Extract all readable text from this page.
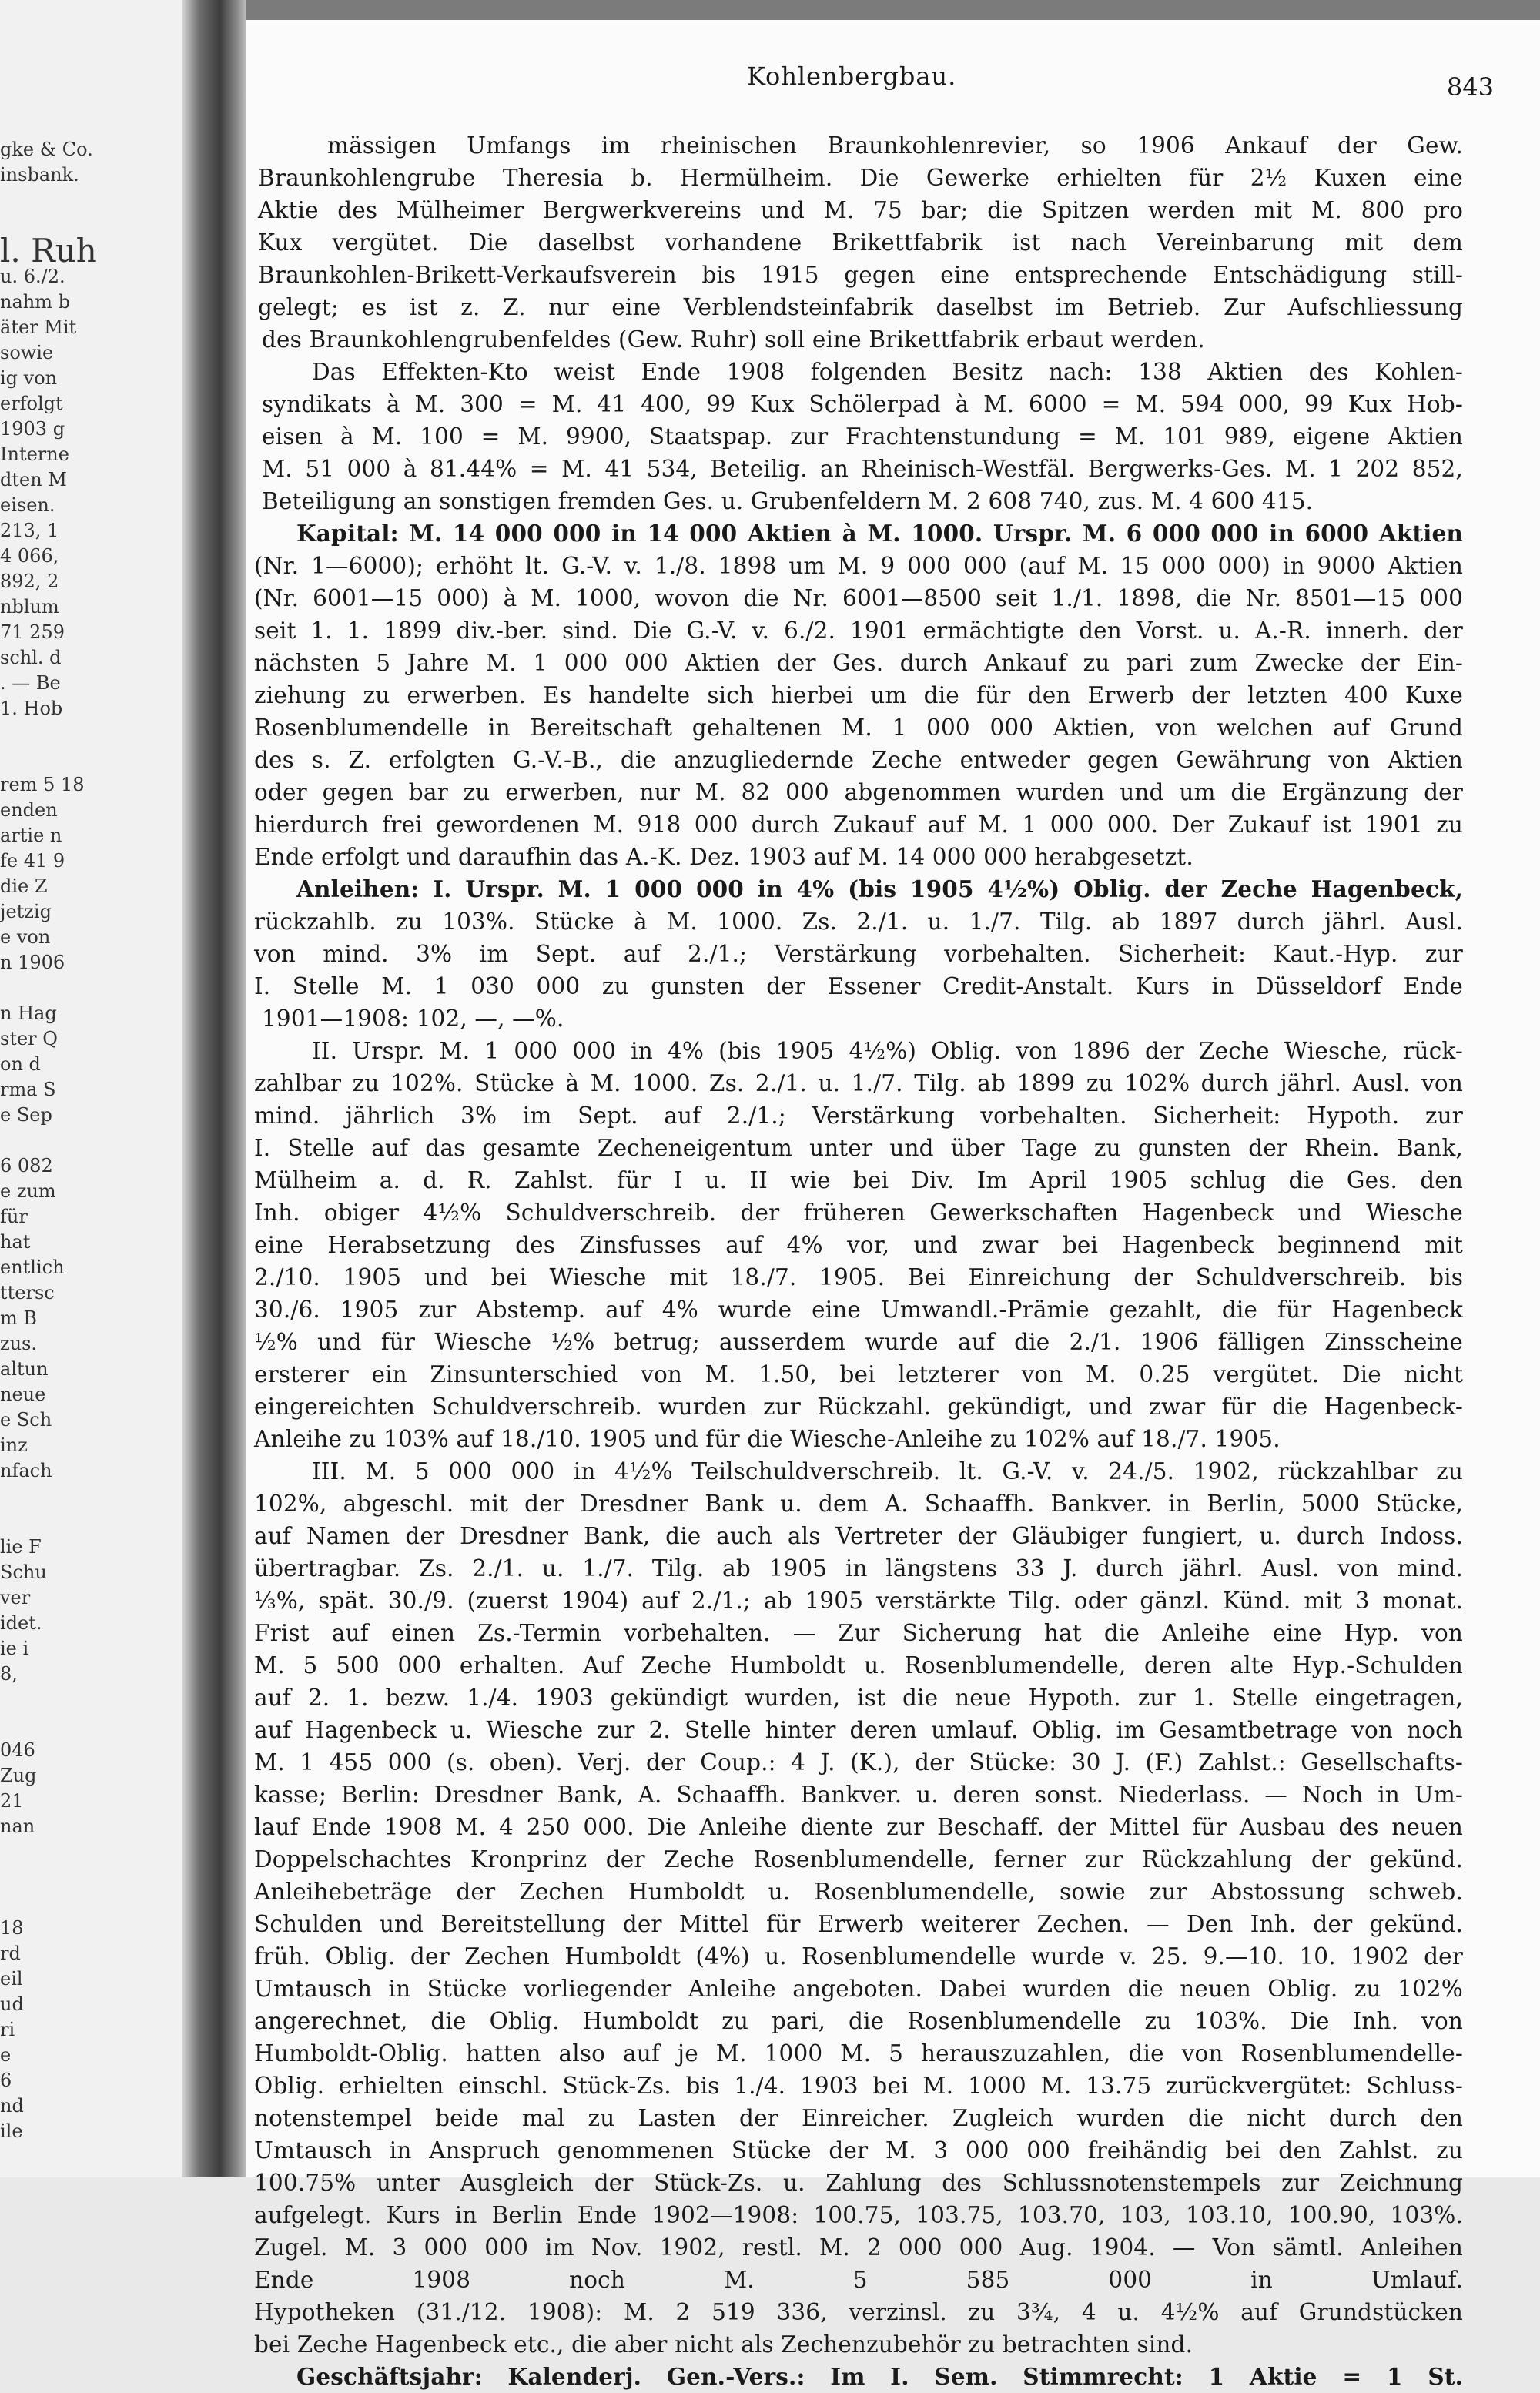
gke & Co.
insbank.
l. Ruh
u. 6./2.
nahm b
äter Mit
sowie
ig von
erfolgt
1903 g
Interne
dten M
eisen.
213, 1
4 066,
892, 2
nblum
71 259
schl. d
. — Be
1. Hob
rem 5 18
enden
artie n
fe 41 9
die Z
jetzig
e von
n 1906
n Hag
ster Q
on d
rma S
e Sep
6 082
e zum
für
hat
entlich
ttersc
m B
zus.
altun
neue
e Sch
inz
nfach
lie F
Schu
ver
idet.
ie i
8,
046
Zug
21
nan
18
rd
eil
ud
ri
e
6
nd
ile
Kohlenbergbau.	843
mässigen Umfangs im rheinischen Braunkohlenrevier, so 1906 Ankauf der Gew.
Braunkohlengrube Theresia b. Hermülheim. Die Gewerke erhielten für 2½ Kuxen eine
Aktie des Mülheimer Bergwerkvereins und M. 75 bar; die Spitzen werden mit M. 800 pro
Kux vergütet. Die daselbst vorhandene Brikettfabrik ist nach Vereinbarung mit dem
Braunkohlen-Brikett-Verkaufsverein bis 1915 gegen eine entsprechende Entschädigung still-
gelegt; es ist z. Z. nur eine Verblendsteinfabrik daselbst im Betrieb. Zur Aufschliessung
des Braunkohlengrubenfeldes (Gew. Ruhr) soll eine Brikettfabrik erbaut werden.
Das Effekten-Kto weist Ende 1908 folgenden Besitz nach: 138 Aktien des Kohlen-
syndikats à M. 300 = M. 41 400, 99 Kux Schölerpad à M. 6000 = M. 594 000, 99 Kux Hob-
eisen à M. 100 = M. 9900, Staatspap. zur Frachtenstundung = M. 101 989, eigene Aktien
M. 51 000 à 81.44% = M. 41 534, Beteilig. an Rheinisch-Westfäl. Bergwerks-Ges. M. 1 202 852,
Beteiligung an sonstigen fremden Ges. u. Grubenfeldern M. 2 608 740, zus. M. 4 600 415.
Kapital: M. 14 000 000 in 14 000 Aktien à M. 1000. Urspr. M. 6 000 000 in 6000 Aktien
(Nr. 1—6000); erhöht lt. G.-V. v. 1./8. 1898 um M. 9 000 000 (auf M. 15 000 000) in 9000 Aktien
(Nr. 6001—15 000) à M. 1000, wovon die Nr. 6001—8500 seit 1./1. 1898, die Nr. 8501—15 000
seit 1. 1. 1899 div.-ber. sind. Die G.-V. v. 6./2. 1901 ermächtigte den Vorst. u. A.-R. innerh. der
nächsten 5 Jahre M. 1 000 000 Aktien der Ges. durch Ankauf zu pari zum Zwecke der Ein-
ziehung zu erwerben. Es handelte sich hierbei um die für den Erwerb der letzten 400 Kuxe
Rosenblumendelle in Bereitschaft gehaltenen M. 1 000 000 Aktien, von welchen auf Grund
des s. Z. erfolgten G.-V.-B., die anzugliedernde Zeche entweder gegen Gewährung von Aktien
oder gegen bar zu erwerben, nur M. 82 000 abgenommen wurden und um die Ergänzung der
hierdurch frei gewordenen M. 918 000 durch Zukauf auf M. 1 000 000. Der Zukauf ist 1901 zu
Ende erfolgt und daraufhin das A.-K. Dez. 1903 auf M. 14 000 000 herabgesetzt.
Anleihen: I. Urspr. M. 1 000 000 in 4% (bis 1905 4½%) Oblig. der Zeche Hagenbeck,
rückzahlb. zu 103%. Stücke à M. 1000. Zs. 2./1. u. 1./7. Tilg. ab 1897 durch jährl. Ausl.
von mind. 3% im Sept. auf 2./1.; Verstärkung vorbehalten. Sicherheit: Kaut.-Hyp. zur
I. Stelle M. 1 030 000 zu gunsten der Essener Credit-Anstalt. Kurs in Düsseldorf Ende
1901—1908: 102, —, —%.
II. Urspr. M. 1 000 000 in 4% (bis 1905 4½%) Oblig. von 1896 der Zeche Wiesche, rück-
zahlbar zu 102%. Stücke à M. 1000. Zs. 2./1. u. 1./7. Tilg. ab 1899 zu 102% durch jährl. Ausl. von
mind. jährlich 3% im Sept. auf 2./1.; Verstärkung vorbehalten. Sicherheit: Hypoth. zur
I. Stelle auf das gesamte Zecheneigentum unter und über Tage zu gunsten der Rhein. Bank,
Mülheim a. d. R. Zahlst. für I u. II wie bei Div. Im April 1905 schlug die Ges. den
Inh. obiger 4½% Schuldverschreib. der früheren Gewerkschaften Hagenbeck und Wiesche
eine Herabsetzung des Zinsfusses auf 4% vor, und zwar bei Hagenbeck beginnend mit
2./10. 1905 und bei Wiesche mit 18./7. 1905. Bei Einreichung der Schuldverschreib. bis
30./6. 1905 zur Abstemp. auf 4% wurde eine Umwandl.-Prämie gezahlt, die für Hagenbeck
½% und für Wiesche ½% betrug; ausserdem wurde auf die 2./1. 1906 fälligen Zinsscheine
ersterer ein Zinsunterschied von M. 1.50, bei letzterer von M. 0.25 vergütet. Die nicht
eingereichten Schuldverschreib. wurden zur Rückzahl. gekündigt, und zwar für die Hagenbeck-
Anleihe zu 103% auf 18./10. 1905 und für die Wiesche-Anleihe zu 102% auf 18./7. 1905.
III. M. 5 000 000 in 4½% Teilschuldverschreib. lt. G.-V. v. 24./5. 1902, rückzahlbar zu
102%, abgeschl. mit der Dresdner Bank u. dem A. Schaaffh. Bankver. in Berlin, 5000 Stücke,
auf Namen der Dresdner Bank, die auch als Vertreter der Gläubiger fungiert, u. durch Indoss.
übertragbar. Zs. 2./1. u. 1./7. Tilg. ab 1905 in längstens 33 J. durch jährl. Ausl. von mind.
⅓%, spät. 30./9. (zuerst 1904) auf 2./1.; ab 1905 verstärkte Tilg. oder gänzl. Künd. mit 3 monat.
Frist auf einen Zs.-Termin vorbehalten. — Zur Sicherung hat die Anleihe eine Hyp. von
M. 5 500 000 erhalten. Auf Zeche Humboldt u. Rosenblumendelle, deren alte Hyp.-Schulden
auf 2. 1. bezw. 1./4. 1903 gekündigt wurden, ist die neue Hypoth. zur 1. Stelle eingetragen,
auf Hagenbeck u. Wiesche zur 2. Stelle hinter deren umlauf. Oblig. im Gesamtbetrage von noch
M. 1 455 000 (s. oben). Verj. der Coup.: 4 J. (K.), der Stücke: 30 J. (F.) Zahlst.: Gesellschafts-
kasse; Berlin: Dresdner Bank, A. Schaaffh. Bankver. u. deren sonst. Niederlass. — Noch in Um-
lauf Ende 1908 M. 4 250 000. Die Anleihe diente zur Beschaff. der Mittel für Ausbau des neuen
Doppelschachtes Kronprinz der Zeche Rosenblumendelle, ferner zur Rückzahlung der gekünd.
Anleihebeträge der Zechen Humboldt u. Rosenblumendelle, sowie zur Abstossung schweb.
Schulden und Bereitstellung der Mittel für Erwerb weiterer Zechen. — Den Inh. der gekünd.
früh. Oblig. der Zechen Humboldt (4%) u. Rosenblumendelle wurde v. 25. 9.—10. 10. 1902 der
Umtausch in Stücke vorliegender Anleihe angeboten. Dabei wurden die neuen Oblig. zu 102%
angerechnet, die Oblig. Humboldt zu pari, die Rosenblumendelle zu 103%. Die Inh. von
Humboldt-Oblig. hatten also auf je M. 1000 M. 5 herauszuzahlen, die von Rosenblumendelle-
Oblig. erhielten einschl. Stück-Zs. bis 1./4. 1903 bei M. 1000 M. 13.75 zurückvergütet: Schluss-
notenstempel beide mal zu Lasten der Einreicher. Zugleich wurden die nicht durch den
Umtausch in Anspruch genommenen Stücke der M. 3 000 000 freihändig bei den Zahlst. zu
100.75% unter Ausgleich der Stück-Zs. u. Zahlung des Schlussnotenstempels zur Zeichnung
aufgelegt. Kurs in Berlin Ende 1902—1908: 100.75, 103.75, 103.70, 103, 103.10, 100.90, 103%.
Zugel. M. 3 000 000 im Nov. 1902, restl. M. 2 000 000 Aug. 1904. — Von sämtl. Anleihen
Ende 1908 noch M. 5 585 000 in Umlauf.
Hypotheken (31./12. 1908): M. 2 519 336, verzinsl. zu 3¾, 4 u. 4½% auf Grundstücken
bei Zeche Hagenbeck etc., die aber nicht als Zechenzubehör zu betrachten sind.
Geschäftsjahr: Kalenderj. Gen.-Vers.: Im I. Sem. Stimmrecht: 1 Aktie = 1 St.
